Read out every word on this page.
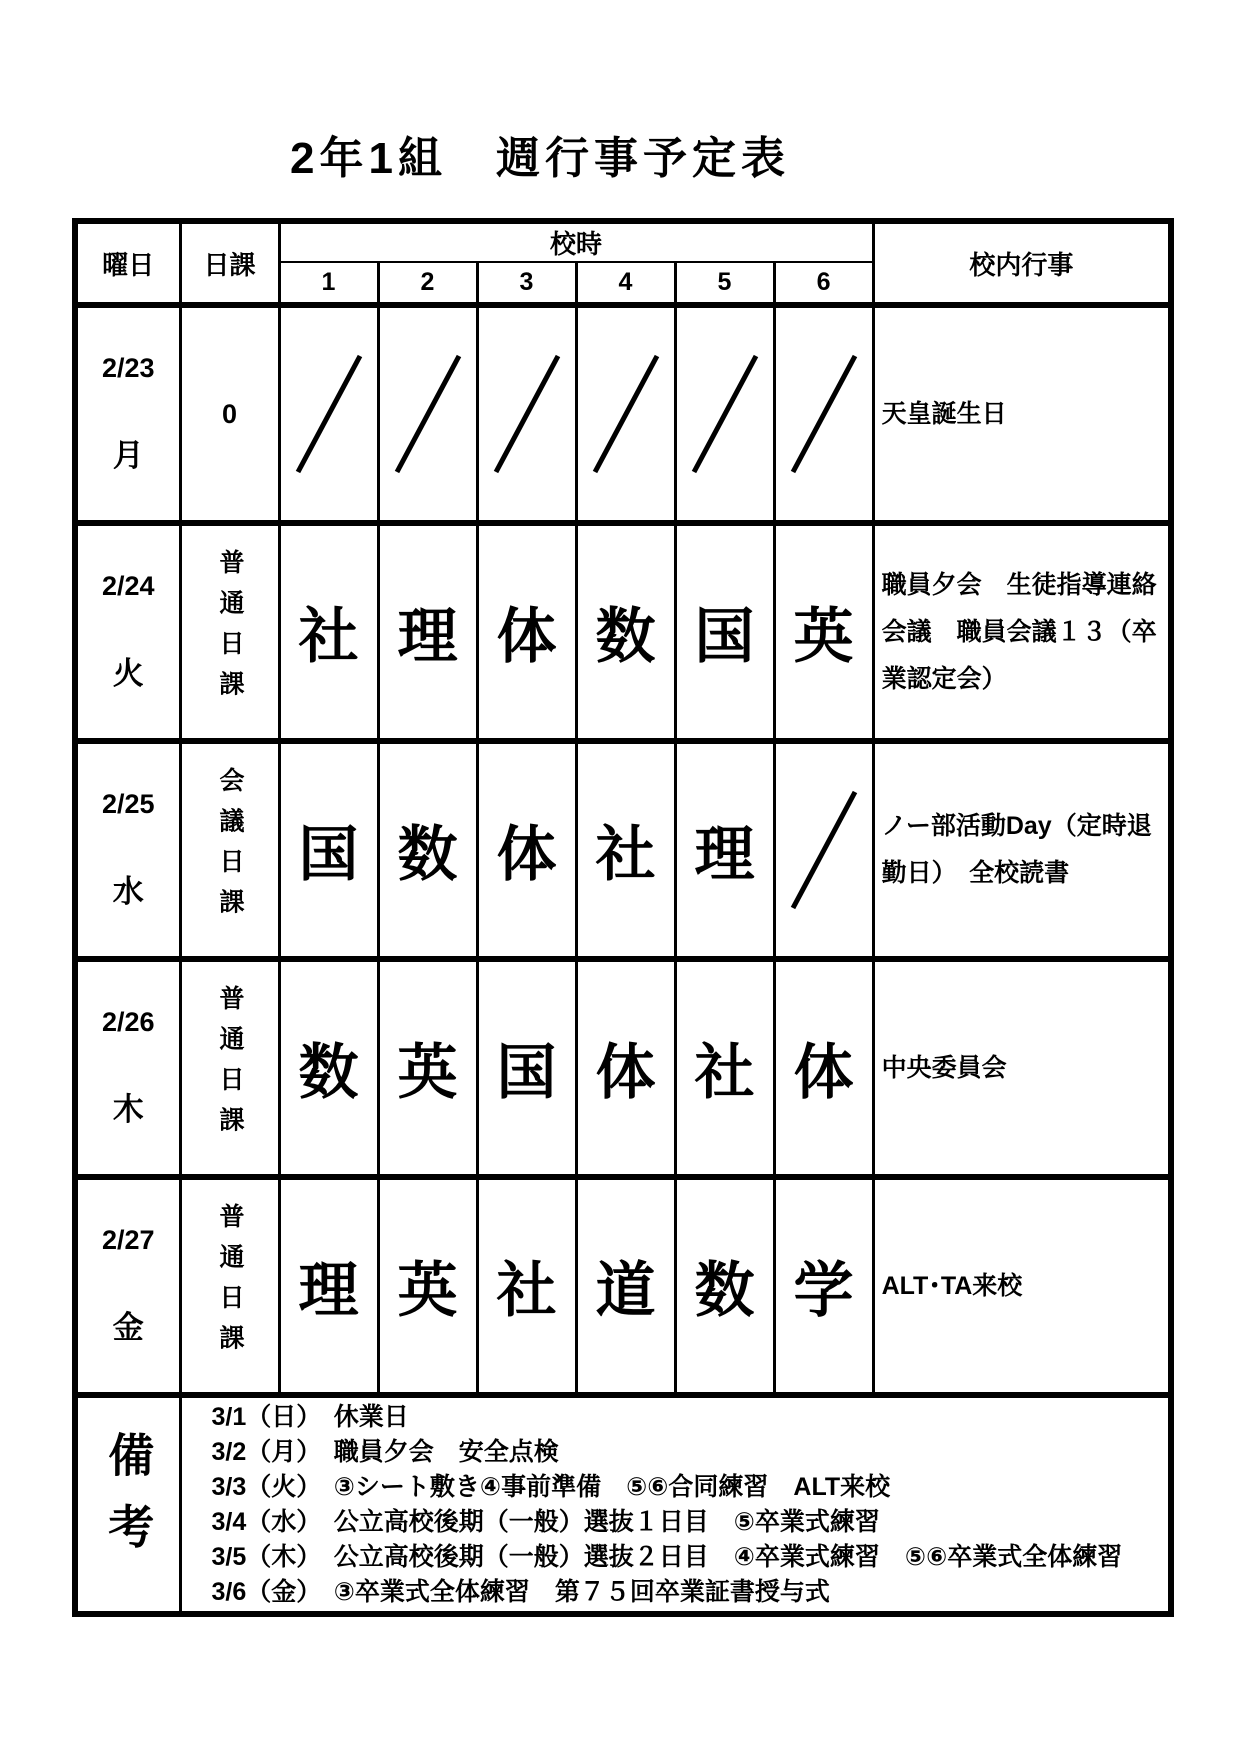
2年1組　週行事予定表
曜日	日課	校時						校内行事
		1	2	3	4	5	6	

2/23
月	0							天皇誕生日

2/24
火	普通日課	社	理	体	数	国	英	職員夕会　生徒指導連絡会議　職員会議１３（卒業認定会）

2/25
水	会議日課	国	数	体	社	理		ノー部活動Day（定時退勤日）　全校読書

2/26
木	普通日課	数	英	国	体	社	体	中央委員会

2/27
金	普通日課	理	英	社	道	数	学	ALT･TA来校
備考	
3/1（日）　休業日
3/2（月）　職員夕会　安全点検
3/3（火）　③シート敷き④事前準備　⑤⑥合同練習　ALT来校
3/4（水）　公立高校後期（一般）選抜１日目　⑤卒業式練習
3/5（木）　公立高校後期（一般）選抜２日目　④卒業式練習　⑤⑥卒業式全体練習
3/6（金）　③卒業式全体練習　第７５回卒業証書授与式
